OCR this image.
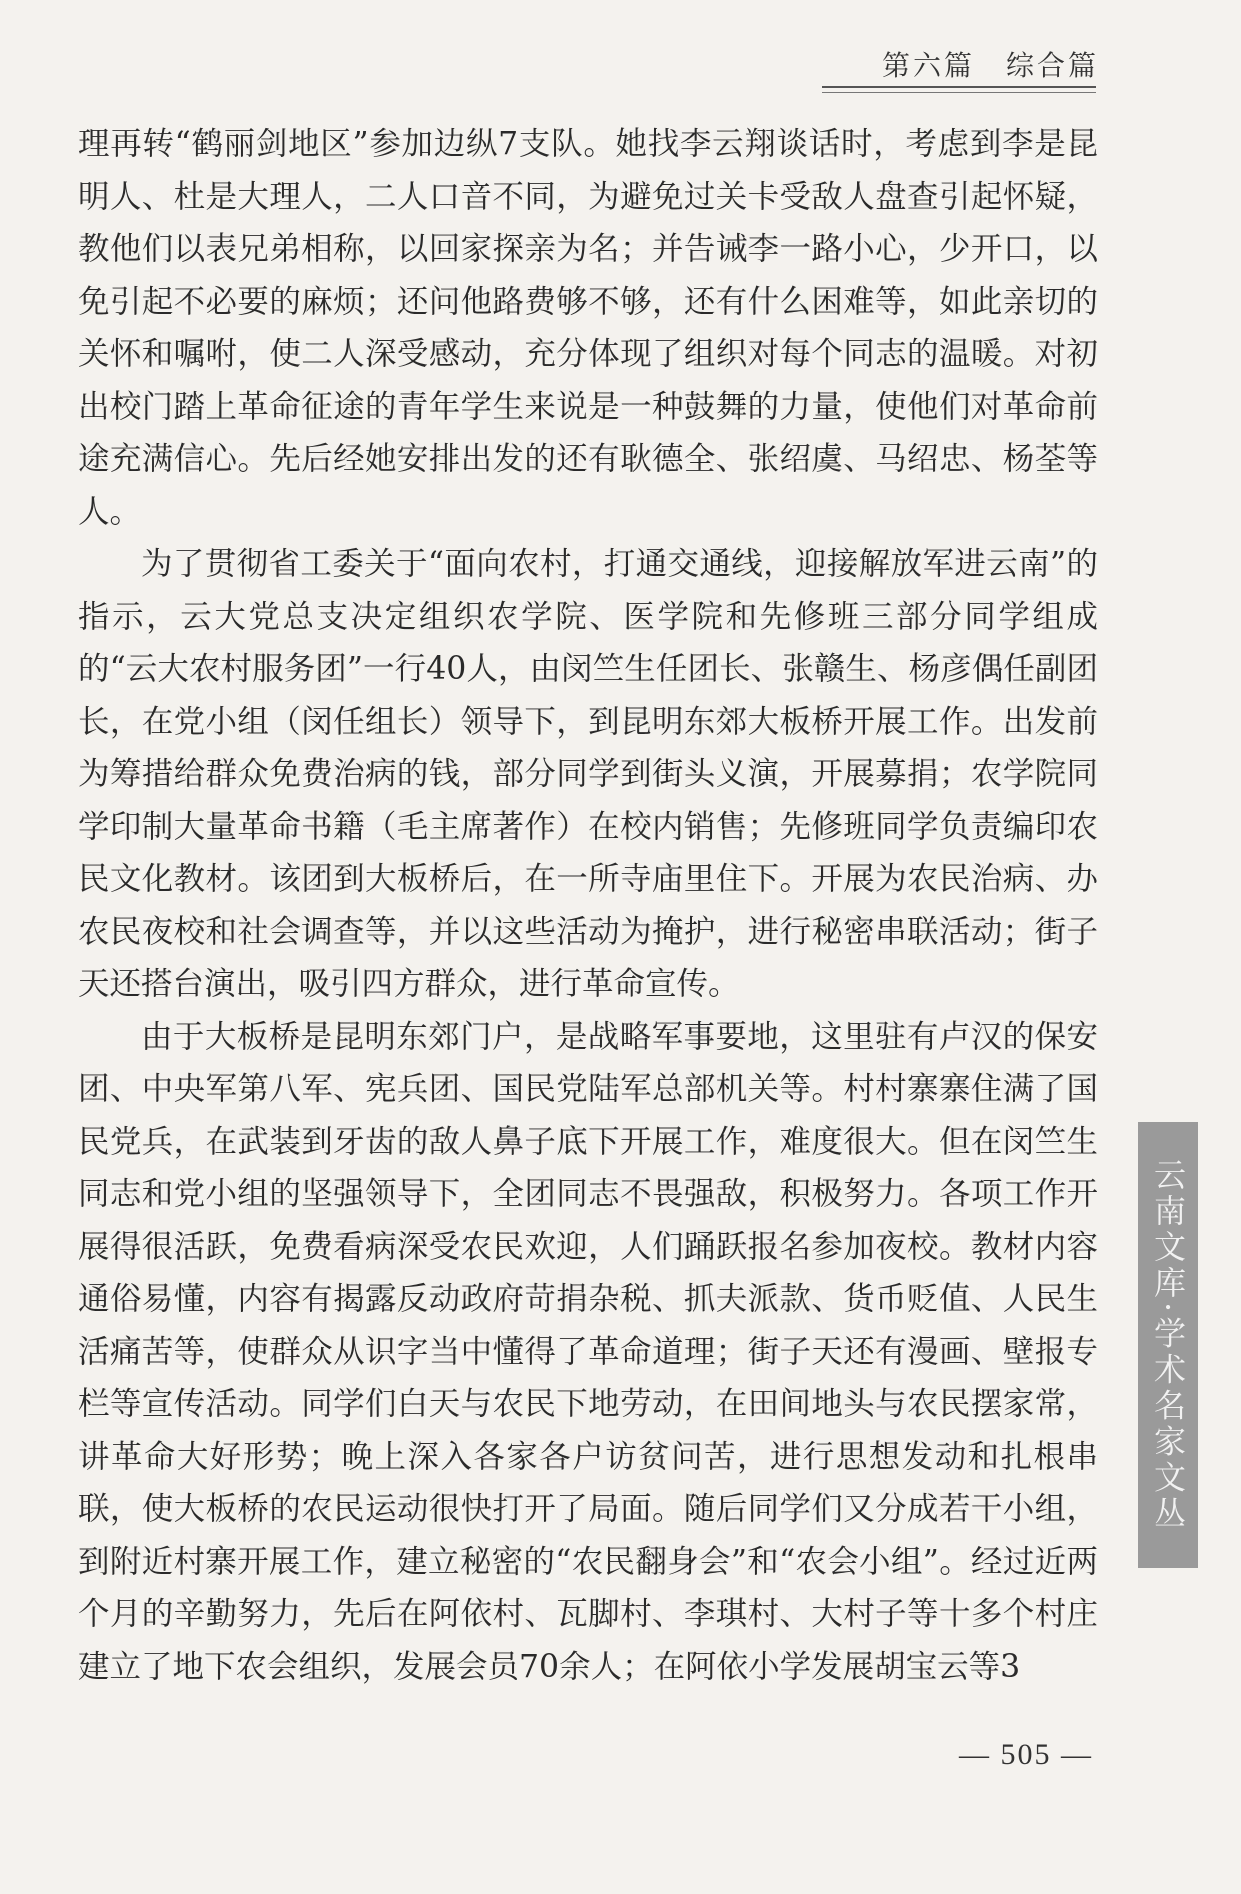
第六篇　综合篇

理再转“鹤丽剑地区”参加边纵7支队。她找李云翔谈话时，考虑到李是昆明人、杜是大理人，二人口音不同，为避免过关卡受敌人盘查引起怀疑，教他们以表兄弟相称，以回家探亲为名；并告诫李一路小心，少开口，以免引起不必要的麻烦；还问他路费够不够，还有什么困难等，如此亲切的关怀和嘱咐，使二人深受感动，充分体现了组织对每个同志的温暖。对初出校门踏上革命征途的青年学生来说是一种鼓舞的力量，使他们对革命前途充满信心。先后经她安排出发的还有耿德全、张绍虞、马绍忠、杨荃等人。

为了贯彻省工委关于“面向农村，打通交通线，迎接解放军进云南”的指示，云大党总支决定组织农学院、医学院和先修班三部分同学组成的“云大农村服务团”一行40人，由闵竺生任团长、张赣生、杨彦偶任副团长，在党小组（闵任组长）领导下，到昆明东郊大板桥开展工作。出发前为筹措给群众免费治病的钱，部分同学到街头义演，开展募捐；农学院同学印制大量革命书籍（毛主席著作）在校内销售；先修班同学负责编印农民文化教材。该团到大板桥后，在一所寺庙里住下。开展为农民治病、办农民夜校和社会调查等，并以这些活动为掩护，进行秘密串联活动；街子天还搭台演出，吸引四方群众，进行革命宣传。

由于大板桥是昆明东郊门户，是战略军事要地，这里驻有卢汉的保安团、中央军第八军、宪兵团、国民党陆军总部机关等。村村寨寨住满了国民党兵，在武装到牙齿的敌人鼻子底下开展工作，难度很大。但在闵竺生同志和党小组的坚强领导下，全团同志不畏强敌，积极努力。各项工作开展得很活跃，免费看病深受农民欢迎，人们踊跃报名参加夜校。教材内容通俗易懂，内容有揭露反动政府苛捐杂税、抓夫派款、货币贬值、人民生活痛苦等，使群众从识字当中懂得了革命道理；街子天还有漫画、壁报专栏等宣传活动。同学们白天与农民下地劳动，在田间地头与农民摆家常，讲革命大好形势；晚上深入各家各户访贫问苦，进行思想发动和扎根串联，使大板桥的农民运动很快打开了局面。随后同学们又分成若干小组，到附近村寨开展工作，建立秘密的“农民翻身会”和“农会小组”。经过近两个月的辛勤努力，先后在阿依村、瓦脚村、李琪村、大村子等十多个村庄建立了地下农会组织，发展会员70余人；在阿依小学发展胡宝云等3

云南文库·学术名家文丛
— 505 —
